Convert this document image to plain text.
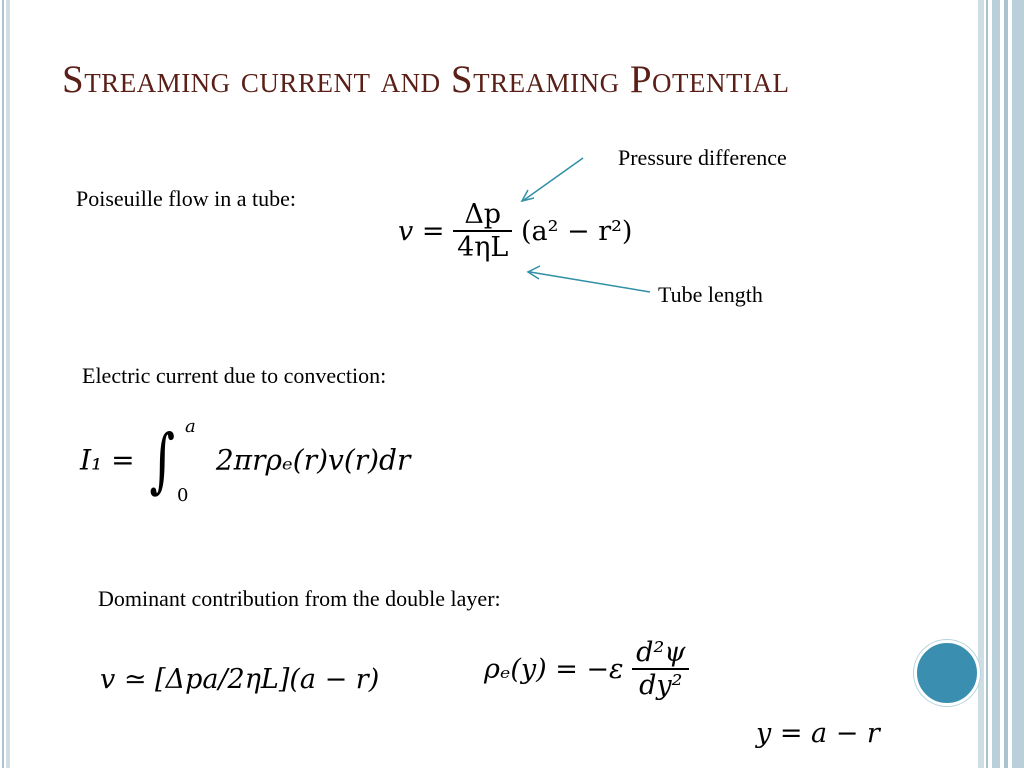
Streaming current and Streaming Potential
Pressure difference
Poiseuille flow in a tube:
$v = \frac{\Delta p}{4\eta L} (a^2 - r^2)$
Tube length
Electric current due to convection:
I₁ = ∫ a
0
2πrρₑ(r)v(r)dr
Dominant contribution from the double layer:
v ≃ [Δpa/2ηL](a − r)	$\rho_e(y) = -\varepsilon \frac{\text{d²ψ}}{\text{dy²}}$
y = a − r
